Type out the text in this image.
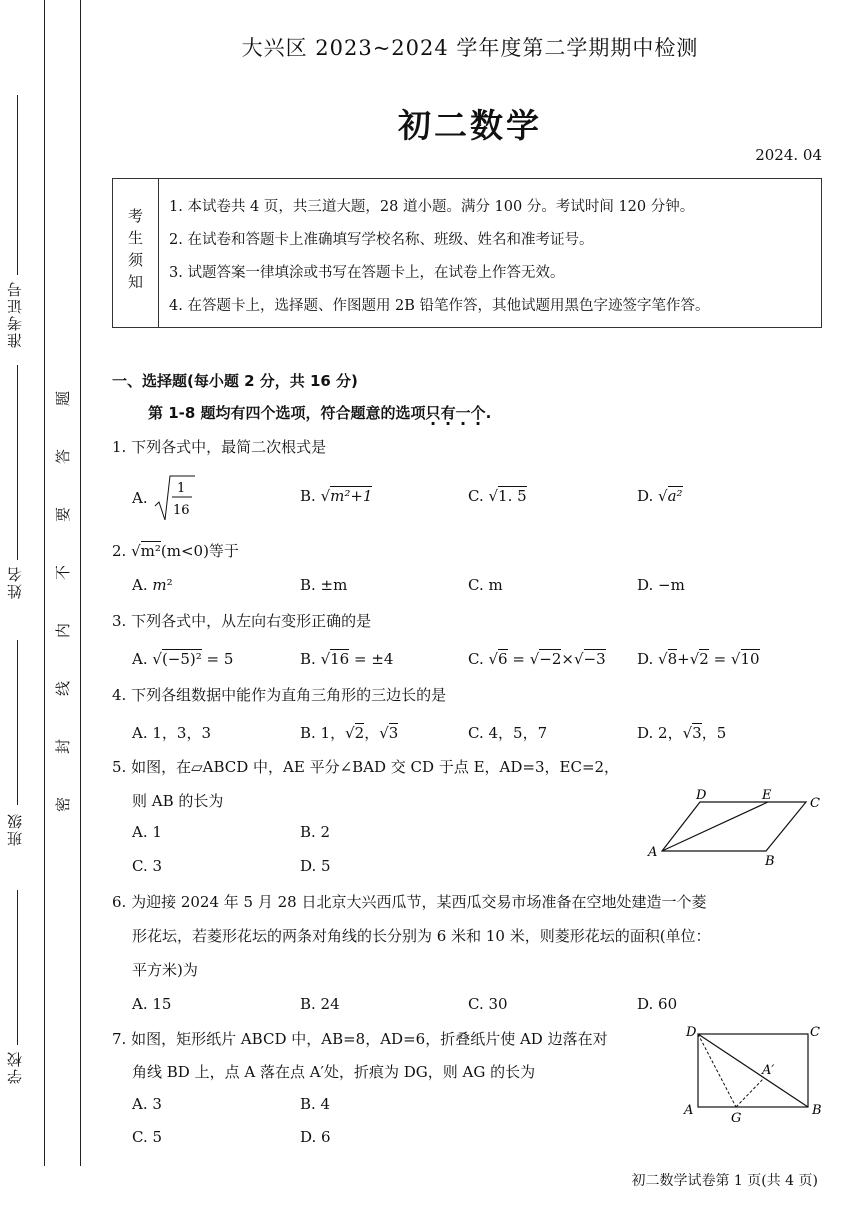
准考证号
姓名
班级
学校
题
答
要
不
内
线
封
密
大兴区 2023~2024 学年度第二学期期中检测
初二数学
2024. 04
考
生
须
知
1. 本试卷共 4 页，共三道大题，28 道小题。满分 100 分。考试时间 120 分钟。
2. 在试卷和答题卡上准确填写学校名称、班级、姓名和准考证号。
3. 试题答案一律填涂或书写在答题卡上，在试卷上作答无效。
4. 在答题卡上，选择题、作图题用 2B 铅笔作答，其他试题用黑色字迹签字笔作答。
一、选择题(每小题 2 分，共 16 分)
第 1-8 题均有四个选项，符合题意的选项只有一个.
1. 下列各式中，最简二次根式是
A.
1
16
B. √m²+1	C. √1. 5	D. √a²
2. √m²(m<0)等于
A. m²	B. ±m	C. m	D. −m
3. 下列各式中，从左向右变形正确的是
A. √(−5)² = 5	B. √16 = ±4	C. √6 = √−2×√−3 D. √8+√2 = √10
4. 下列各组数据中能作为直角三角形的三边长的是
A. 1，3，3	B. 1，√2，√3	C. 4，5，7	D. 2，√3，5
5. 如图，在▱ABCD 中，AE 平分∠BAD 交 CD 于点 E，AD=3，EC=2，
则 AB 的长为
A. 1	B. 2
C. 3	D. 5
D	E
C
A
B
6. 为迎接 2024 年 5 月 28 日北京大兴西瓜节，某西瓜交易市场准备在空地处建造一个菱
形花坛，若菱形花坛的两条对角线的长分别为 6 米和 10 米，则菱形花坛的面积(单位：
平方米)为
A. 15	B. 24	C. 30	D. 60
7. 如图，矩形纸片 ABCD 中，AB=8，AD=6，折叠纸片使 AD 边落在对
角线 BD 上，点 A 落在点 A′处，折痕为 DG，则 AG 的长为
A. 3	B. 4
C. 5	D. 6
D	C
A′
A
G
B
初二数学试卷第 1 页(共 4 页)
